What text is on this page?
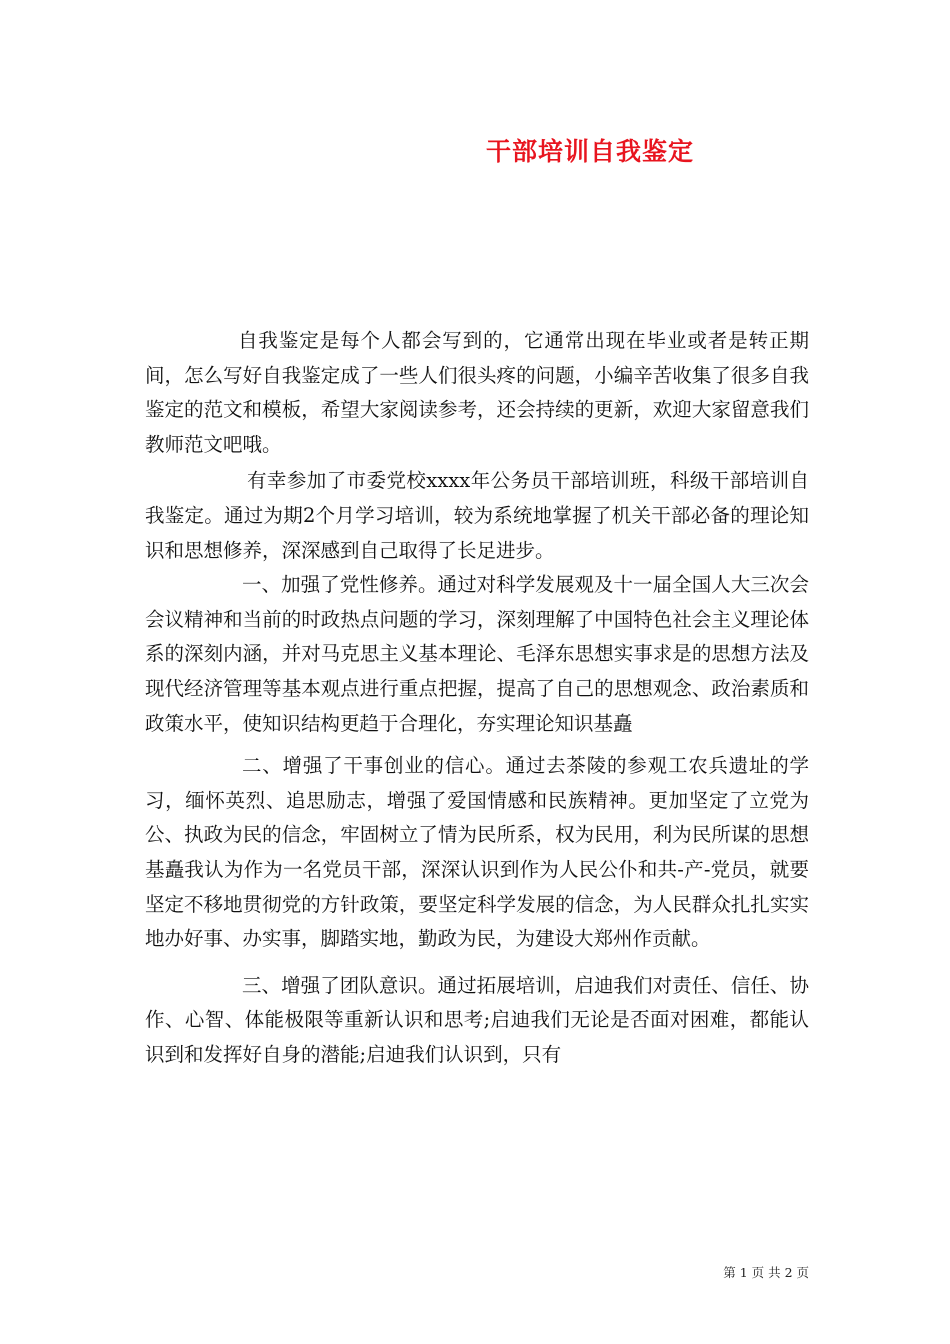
干部培训自我鉴定

自我鉴定是每个人都会写到的，它通常出现在毕业或者是转正期间，怎么写好自我鉴定成了一些人们很头疼的问题，小编辛苦收集了很多自我鉴定的范文和模板，希望大家阅读参考，还会持续的更新，欢迎大家留意我们教师范文吧哦。

有幸参加了市委党校xxxx年公务员干部培训班，科级干部培训自我鉴定。通过为期2个月学习培训，较为系统地掌握了机关干部必备的理论知识和思想修养，深深感到自己取得了长足进步。

一、加强了党性修养。通过对科学发展观及十一届全国人大三次会会议精神和当前的时政热点问题的学习，深刻理解了中国特色社会主义理论体系的深刻内涵，并对马克思主义基本理论、毛泽东思想实事求是的思想方法及现代经济管理等基本观点进行重点把握，提高了自己的思想观念、政治素质和政策水平，使知识结构更趋于合理化，夯实理论知识基矗

二、增强了干事创业的信心。通过去茶陵的参观工农兵遗址的学习，缅怀英烈、追思励志，增强了爱国情感和民族精神。更加坚定了立党为公、执政为民的信念，牢固树立了情为民所系，权为民用，利为民所谋的思想基矗我认为作为一名党员干部，深深认识到作为人民公仆和共-产-党员，就要坚定不移地贯彻党的方针政策，要坚定科学发展的信念，为人民群众扎扎实实地办好事、办实事，脚踏实地，勤政为民，为建设大郑州作贡献。

三、增强了团队意识。通过拓展培训，启迪我们对责任、信任、协作、心智、体能极限等重新认识和思考;启迪我们无论是否面对困难，都能认识到和发挥好自身的潜能;启迪我们认识到，只有

第 1 页 共 2 页
